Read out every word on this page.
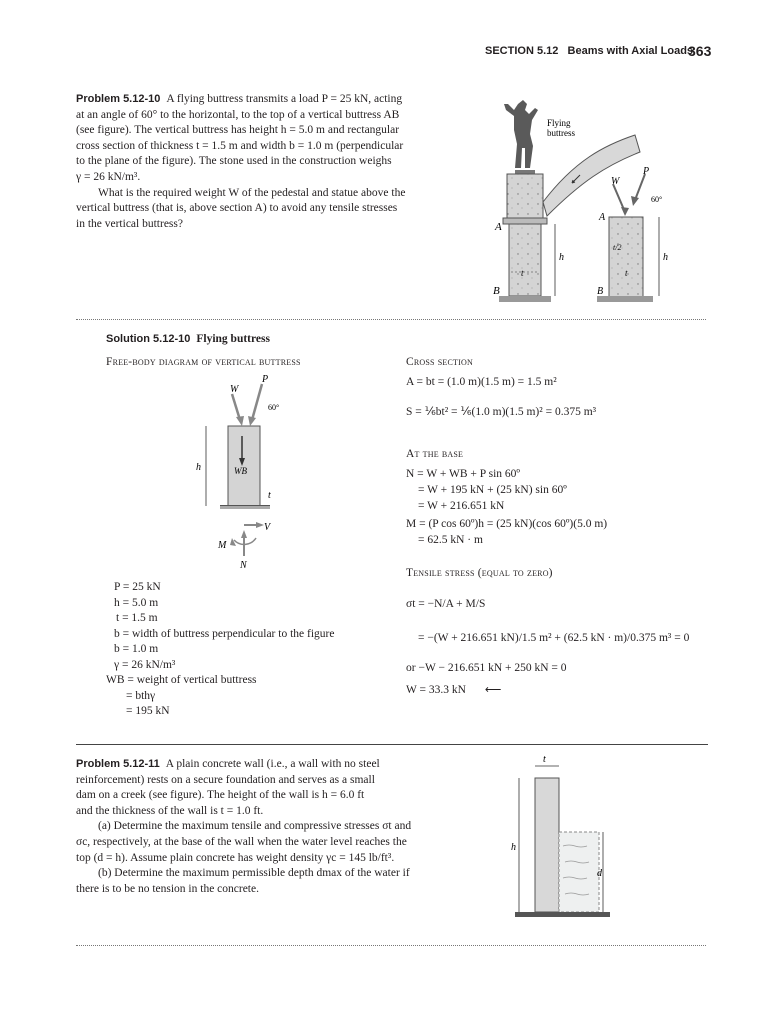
SECTION 5.12 Beams with Axial Loads
363
Problem 5.12-10 A flying buttress transmits a load P = 25 kN, acting
at an angle of 60° to the horizontal, to the top of a vertical buttress AB
(see figure). The vertical buttress has height h = 5.0 m and rectangular
cross section of thickness t = 1.5 m and width b = 1.0 m (perpendicular
to the plane of the figure). The stone used in the construction weighs
γ = 26 kN/m³.
What is the required weight W of the pedestal and statue above the
vertical buttress (that is, above section A) to avoid any tensile stresses
in the vertical buttress?	A
B
Flying
buttress
h
t
W
P
60°
A
B
t/2
h
t
Solution 5.12-10 Flying buttress
Free-body diagram of vertical buttress
W
P
60°
WB
h
t
V
N
M
P = 25 kN
h = 5.0 m
t = 1.5 m
b = width of buttress perpendicular to the figure
b = 1.0 m
γ = 26 kN/m³
WB = weight of vertical buttress
= bthγ
= 195 kN
Cross section
A = bt = (1.0 m)(1.5 m) = 1.5 m²
S = ⅙bt² = ⅙(1.0 m)(1.5 m)² = 0.375 m³
At the base
N = W + WB + P sin 60º
= W + 195 kN + (25 kN) sin 60º
= W + 216.651 kN
M = (P cos 60º)h = (25 kN)(cos 60º)(5.0 m)
= 62.5 kN · m
Tensile stress (equal to zero)
σt = −N/A + M/S
= −(W + 216.651 kN)/1.5 m² + (62.5 kN · m)/0.375 m³ = 0
or −W − 216.651 kN + 250 kN = 0
W = 33.3 kN ⟵
Problem 5.12-11 A plain concrete wall (i.e., a wall with no steel
reinforcement) rests on a secure foundation and serves as a small
dam on a creek (see figure). The height of the wall is h = 6.0 ft
and the thickness of the wall is t = 1.0 ft.
(a) Determine the maximum tensile and compressive stresses σt and
σc, respectively, at the base of the wall when the water level reaches the
top (d = h). Assume plain concrete has weight density γc = 145 lb/ft³.
(b) Determine the maximum permissible depth dmax of the water if
there is to be no tension in the concrete.
t
h
d
